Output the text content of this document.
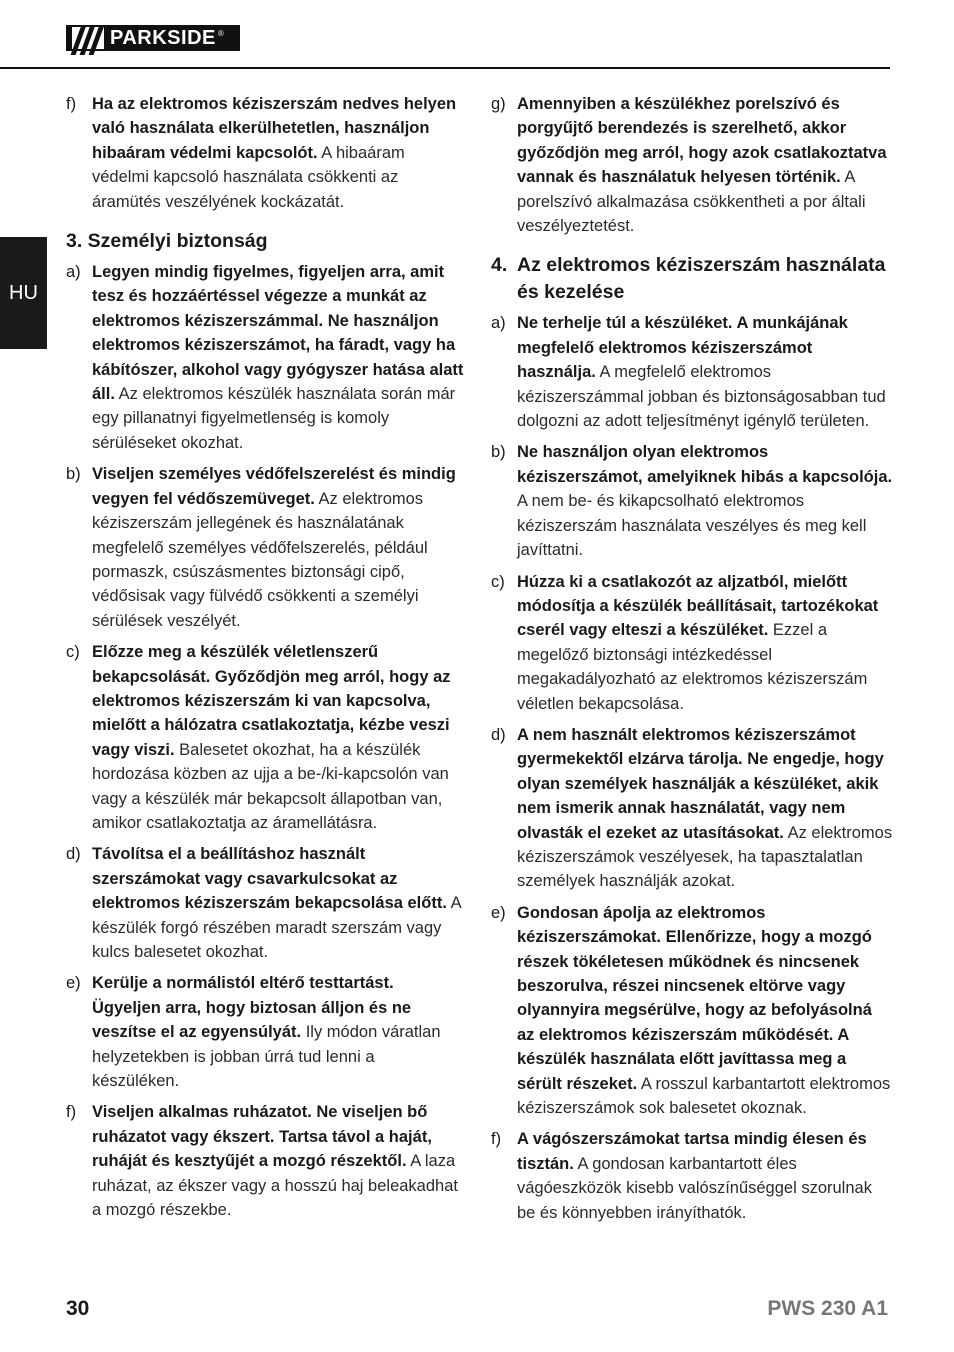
PARKSIDE ®
HU
f) Ha az elektromos kéziszerszám nedves helyen való használata elkerülhetetlen, használjon hibaáram védelmi kapcsolót. A hibaáram védelmi kapcsoló használata csökkenti az áramütés veszélyének kockázatát.
3. Személyi biztonság
a) Legyen mindig figyelmes, figyeljen arra, amit tesz és hozzáértéssel végezze a munkát az elektromos kéziszerszámmal. Ne használjon elektromos kéziszerszámot, ha fáradt, vagy ha kábítószer, alkohol vagy gyógyszer hatása alatt áll. Az elektromos készülék használata során már egy pillanatnyi figyelmetlenség is komoly sérüléseket okozhat.
b) Viseljen személyes védőfelszerelést és mindig vegyen fel védőszemüveget. Az elektromos kéziszerszám jellegének és használatának megfelelő személyes védőfelszerelés, például pormaszk, csúszásmentes biztonsági cipő, védősisak vagy fülvédő csökkenti a személyi sérülések veszélyét.
c) Előzze meg a készülék véletlenszerű bekapcsolását. Győződjön meg arról, hogy az elektromos kéziszerszám ki van kapcsolva, mielőtt a hálózatra csatlakoztatja, kézbe veszi vagy viszi. Balesetet okozhat, ha a készülék hordozása közben az ujja a be-/ki-kapcsolón van vagy a készülék már bekapcsolt állapotban van, amikor csatlakoztatja az áramellátásra.
d) Távolítsa el a beállításhoz használt szerszámokat vagy csavarkulcsokat az elektromos kéziszerszám bekapcsolása előtt. A készülék forgó részében maradt szerszám vagy kulcs balesetet okozhat.
e) Kerülje a normálistól eltérő testtartást. Ügyeljen arra, hogy biztosan álljon és ne veszítse el az egyensúlyát. Ily módon váratlan helyzetekben is jobban úrrá tud lenni a készüléken.
f) Viseljen alkalmas ruházatot. Ne viseljen bő ruházatot vagy ékszert. Tartsa távol a haját, ruháját és kesztyűjét a mozgó részektől. A laza ruházat, az ékszer vagy a hosszú haj beleakadhat a mozgó részekbe.
g) Amennyiben a készülékhez porelszívó és porgyűjtő berendezés is szerelhető, akkor győződjön meg arról, hogy azok csatlakoztatva vannak és használatuk helyesen történik. A porelszívó alkalmazása csökkentheti a por általi veszélyeztetést.
4. Az elektromos kéziszerszám használata és kezelése
a) Ne terhelje túl a készüléket. A munkájának megfelelő elektromos kéziszerszámot használja. A megfelelő elektromos kéziszerszámmal jobban és biztonságosabban tud dolgozni az adott teljesítményt igénylő területen.
b) Ne használjon olyan elektromos kéziszerszámot, amelyiknek hibás a kapcsolója. A nem be- és kikapcsolható elektromos kéziszerszám használata veszélyes és meg kell javíttatni.
c) Húzza ki a csatlakozót az aljzatból, mielőtt módosítja a készülék beállításait, tartozékokat cserél vagy elteszi a készüléket. Ezzel a megelőző biztonsági intézkedéssel megakadályozható az elektromos kéziszerszám véletlen bekapcsolása.
d) A nem használt elektromos kéziszerszámot gyermekektől elzárva tárolja. Ne engedje, hogy olyan személyek használják a készüléket, akik nem ismerik annak használatát, vagy nem olvasták el ezeket az utasításokat. Az elektromos kéziszerszámok veszélyesek, ha tapasztalatlan személyek használják azokat.
e) Gondosan ápolja az elektromos kéziszerszámokat. Ellenőrizze, hogy a mozgó részek tökéletesen működnek és nincsenek beszorulva, részei nincsenek eltörve vagy olyannyira megsérülve, hogy az befolyásolná az elektromos kéziszerszám működését. A készülék használata előtt javíttassa meg a sérült részeket. A rosszul karbantartott elektromos kéziszerszámok sok balesetet okoznak.
f) A vágószerszámokat tartsa mindig élesen és tisztán. A gondosan karbantartott éles vágóeszközök kisebb valószínűséggel szorulnak be és könnyebben irányíthatók.
30	PWS 230 A1
